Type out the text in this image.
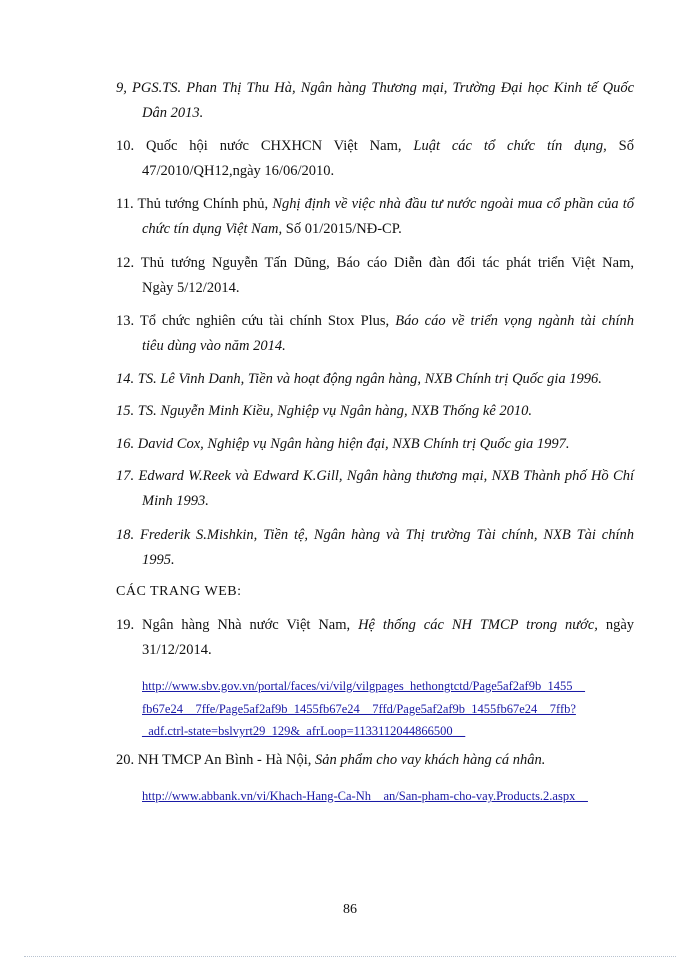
9, PGS.TS. Phan Thị Thu Hà, Ngân hàng Thương mại, Trường Đại học Kinh tế Quốc
Dân 2013.
10. Quốc hội nước CHXHCN Việt Nam, Luật các tổ chức tín dụng, Số
47/2010/QH12,ngày 16/06/2010.
11. Thủ tướng Chính phủ, Nghị định về việc nhà đầu tư nước ngoài mua cổ phần của tổ
chức tín dụng Việt Nam, Số 01/2015/NĐ-CP.
12. Thủ tướng Nguyễn Tấn Dũng, Báo cáo Diễn đàn đối tác phát triển Việt Nam,
Ngày 5/12/2014.
13. Tổ chức nghiên cứu tài chính Stox Plus, Báo cáo về triển vọng ngành tài chính
tiêu dùng vào năm 2014.
14. TS. Lê Vinh Danh, Tiền và hoạt động ngân hàng, NXB Chính trị Quốc gia 1996.
15. TS. Nguyễn Minh Kiều, Nghiệp vụ Ngân hàng, NXB Thống kê 2010.
16. David Cox, Nghiệp vụ Ngân hàng hiện đại, NXB Chính trị Quốc gia 1997.
17. Edward W.Reek và Edward K.Gill, Ngân hàng thương mại, NXB Thành phố Hồ Chí
Minh 1993.
18. Frederik S.Mishkin, Tiền tệ, Ngân hàng và Thị trường Tài chính, NXB Tài chính
1995.
CÁC TRANG WEB:
19. Ngân hàng Nhà nước Việt Nam, Hệ thống các NH TMCP trong nước, ngày
31/12/2014.
http://www.sbv.gov.vn/portal/faces/vi/vilg/vilgpages_hethongtctd/Page5af2af9b_1455__
fb67e24__7ffe/Page5af2af9b_1455fb67e24__7ffd/Page5af2af9b_1455fb67e24__7ffb?
_adf.ctrl-state=bslvyrt29_129&_afrLoop=1133112044866500__
20. NH TMCP An Bình - Hà Nội, Sản phẩm cho vay khách hàng cá nhân.
http://www.abbank.vn/vi/Khach-Hang-Ca-Nh__an/San-pham-cho-vay.Products.2.aspx__
86
